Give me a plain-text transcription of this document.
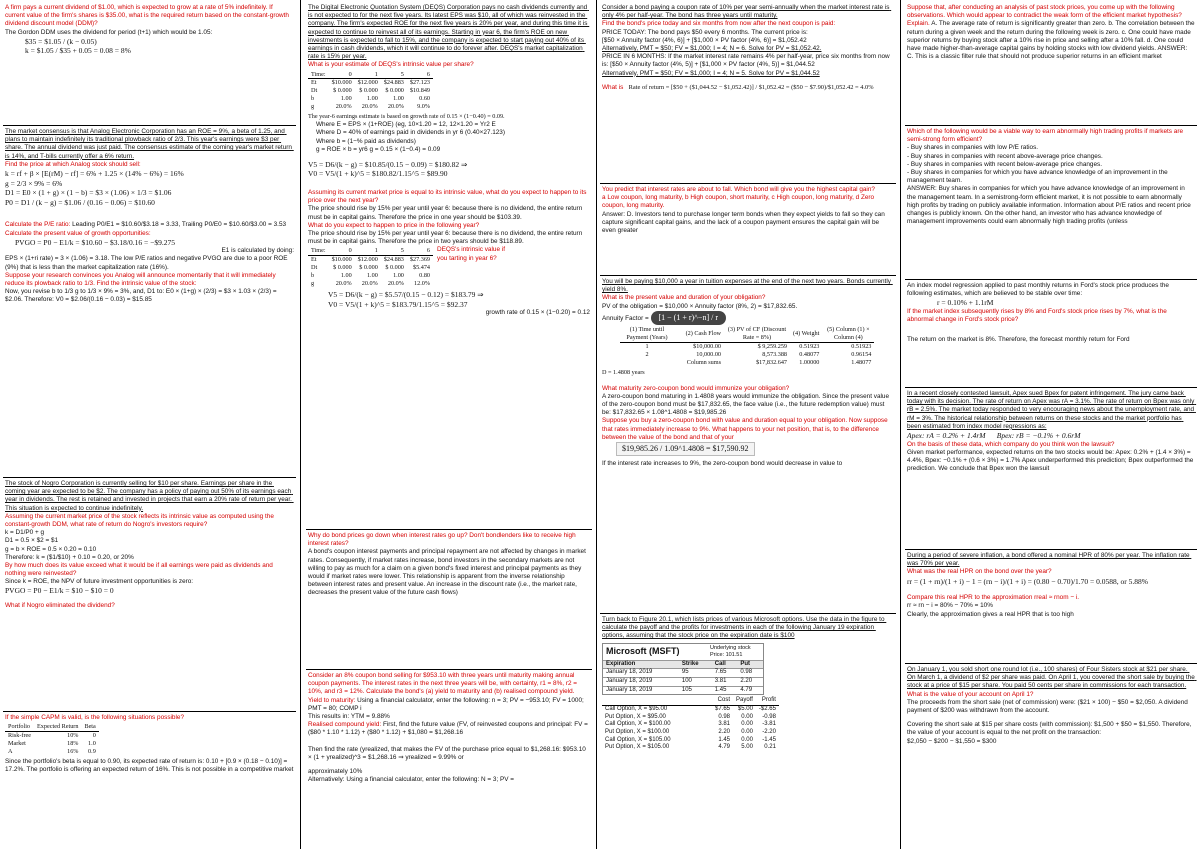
A firm pays a current dividend of $1.00, which is expected to grow at a rate of 5% indefinitely. If current value of the firm's shares is $35.00, what is the required return based on the constant-growth dividend discount model (DDM)?

The Gordon DDM uses the dividend for period (t+1) which would be 1.05:

$35 = $1.05 / (k − 0.05)

k = $1.05 / $35 + 0.05 = 0.08 = 8%

The market consensus is that Analog Electronic Corporation has an ROE = 9%, a beta of 1.25, and plans to maintain indefinitely its traditional plowback ratio of 2/3. This year's earnings were $3 per share. The annual dividend was just paid. The consensus estimate of the coming year's market return is 14%, and T-bills currently offer a 6% return.

Find the price at which Analog stock should sell:

k = rf + β × [E(rM) − rf] = 6% + 1.25 × (14% − 6%) = 16%

g = 2/3 × 9% = 6%

D1 = E0 × (1 + g) × (1 − b) = $3 × (1.06) × 1/3 = $1.06

P0 = D1 / (k − g) = $1.06 / (0.16 − 0.06) = $10.60

Calculate the P/E ratio: Leading P0/E1 = $10.60/$3.18 = 3.33, Trailing P0/E0 = $10.60/$3.00 = 3.53

Calculate the present value of growth opportunities:

PVGO = P0 − E1/k = $10.60 − $3.18/0.16 = −$9.275

E1 is calculated by doing:

EPS × (1+ri rate) = 3 × (1.06) = 3.18. The low P/E ratios and negative PVGO are due to a poor ROE (9%) that is less than the market capitalization rate (16%).

Suppose your research convinces you Analog will announce momentarily that it will immediately reduce its plowback ratio to 1/3. Find the intrinsic value of the stock:

Now, you revise b to 1/3 g to 1/3 × 9% = 3%, and, D1 to: E0 × (1+g) × (2/3) = $3 × 1.03 × (2/3) = $2.06. Therefore: V0 = $2.06/(0.16 − 0.03) = $15.85

The stock of Nogro Corporation is currently selling for $10 per share. Earnings per share in the coming year are expected to be $2. The company has a policy of paying out 50% of its earnings each year in dividends. The rest is retained and invested in projects that earn a 20% rate of return per year. This situation is expected to continue indefinitely.

Assuming the current market price of the stock reflects its intrinsic value as computed using the constant-growth DDM, what rate of return do Nogro's investors require?

k = D1/P0 + g

D1 = 0.5 × $2 = $1

g = b × ROE = 0.5 × 0.20 = 0.10

Therefore: k = ($1/$10) + 0.10 = 0.20, or 20%

By how much does its value exceed what it would be if all earnings were paid as dividends and nothing were reinvested?

Since k = ROE, the NPV of future investment opportunities is zero:

PVGO = P0 − E1/k = $10 − $10 = 0

What if Nogro eliminated the dividend?

If the simple CAPM is valid, is the following situations possible?

Portfolio	Expected Return	Beta
Risk-free	10%	0
Market	18%	1.0
A	16%	0.9

Since the portfolio's beta is equal to 0.90, its expected rate of return is: 0.10 + [0.9 × (0.18 − 0.10)] = 17.2%. The portfolio is offering an expected return of 16%. This is not possible in a competitive market

The Digital Electronic Quotation System (DEQS) Corporation pays no cash dividends currently and is not expected to for the next five years. Its latest EPS was $10, all of which was reinvested in the company. The firm's expected ROE for the next five years is 20% per year, and during this time it is expected to continue to reinvest all of its earnings. Starting in year 6, the firm's ROE on new investments is expected to fall to 15%, and the company is expected to start paying out 40% of its earnings in cash dividends, which it will continue to do forever after. DEQS's market capitalization rate is 15% per year.

What is your estimate of DEQS's intrinsic value per share?

Time:	0	1	5	6
Et	$10.000	$12.000	$24.883	$27.123
Dt	$ 0.000	$ 0.000	$ 0.000	$10.849
b	1.00	1.00	1.00	0.60
g	20.0%	20.0%	20.0%	9.0%

The year-6 earnings estimate is based on growth rate of 0.15 × (1−0.40) = 0.09.

Where E = EPS × (1+ROE) (eg, 10×1.20 = 12, 12×1.20 = Yr2 E

Where D = 40% of earnings paid in dividends in yr 6 (0.40×27.123)

Where b = (1−% paid as dividends)

g = ROE × b = yr6 g = 0.15 × (1−0.4) = 0.09

V5 = D6/(k − g) = $10.85/(0.15 − 0.09) = $180.82 ⇒

V0 = V5/(1 + k)^5 = $180.82/1.15^5 = $89.90

Assuming its current market price is equal to its intrinsic value, what do you expect to happen to its price over the next year?

The price should rise by 15% per year until year 6: because there is no dividend, the entire return must be in capital gains. Therefore the price in one year should be $103.39.

What do you expect to happen to price in the following year?

The price should rise by 15% per year until year 6: because there is no dividend, the entire return must be in capital gains. Therefore the price in two years should be $118.89.

Time:	0	1	5	6
Et	$10.000	$12.000	$24.883	$27.369
Dt	$ 0.000	$ 0.000	$ 0.000	$5.474
b	1.00	1.00	1.00	0.80
g	20.0%	20.0%	20.0%	12.0%

DEQS's intrinsic value if you tarting in year 6?

V5 = D6/(k − g) = $5.57/(0.15 − 0.12) = $183.79 ⇒

V0 = V5/(1 + k)^5 = $183.79/1.15^5 = $92.37

growth rate of 0.15 × (1−0.20) = 0.12

Why do bond prices go down when interest rates go up? Don't bondlenders like to receive high interest rates?

A bond's coupon interest payments and principal repayment are not affected by changes in market rates. Consequently, if market rates increase, bond investors in the secondary markets are not willing to pay as much for a claim on a given bond's fixed interest and principal payments as they would if market rates were lower. This relationship is apparent from the inverse relationship between interest rates and present value. An increase in the discount rate (i.e., the market rate, decreases the present value of the future cash flows)

Consider an 8% coupon bond selling for $953.10 with three years until maturity making annual coupon payments. The interest rates in the next three years will be, with certainty, r1 = 8%, r2 = 10%, and r3 = 12%. Calculate the bond's (a) yield to maturity and (b) realised compound yield.

Yield to maturity: Using a financial calculator, enter the following: n = 3; PV = −953.10; FV = 1000; PMT = 80; COMP i

This results in: YTM = 9.88%

Realised compound yield: First, find the future value (FV, of reinvested coupons and principal: FV = ($80 * 1.10 * 1.12) + ($80 * 1.12) + $1,080 = $1,268.16

Then find the rate (yrealized, that makes the FV of the purchase price equal to $1,268.16: $953.10 × (1 + yrealized)^3 = $1,268.16 ⇒ yrealized = 9.99% or

approximately 10%

Alternatively: Using a financial calculator, enter the following: N = 3; PV =

Consider a bond paying a coupon rate of 10% per year semi-annually when the market interest rate is only 4% per half-year. The bond has three years until maturity.

Find the bond's price today and six months from now after the next coupon is paid:

PRICE TODAY: The bond pays $50 every 6 months. The current price is:

[$50 × Annuity factor (4%, 6)] + [$1,000 × PV factor (4%, 6)] = $1,052.42

Alternatively, PMT = $50; FV = $1,000; I = 4; N = 6. Solve for PV = $1,052.42.

PRICE IN 6 MONTHS: If the market interest rate remains 4% per half-year, price six months from now is: [$50 × Annuity factor (4%, 5)] + [$1,000 × PV factor (4%, 5)] = $1,044.52

Alternatively, PMT = $50; FV = $1,000; I = 4; N = 5. Solve for PV = $1,044.52

What is Rate of return = [$50 + ($1,044.52 − $1,052.42)] / $1,052.42 = ($50 − $7.90)/$1,052.42 = 4.0%

You predict that interest rates are about to fall. Which bond will give you the highest capital gain?

a Low coupon, long maturity, b High coupon, short maturity, c High coupon, long maturity, d Zero coupon, long maturity.

Answer: D. Investors tend to purchase longer term bonds when they expect yields to fall so they can capture significant capital gains, and the lack of a coupon payment ensures the capital gain will be even greater

You will be paying $10,000 a year in tuition expenses at the end of the next two years. Bonds currently yield 8%.

What is the present value and duration of your obligation?

PV of the obligation = $10,000 × Annuity factor (8%, 2) = $17,832.65.

Annuity Factor = [1 − (1 + r)^−n] / r

(1) Time until Payment (Years)	(2) Cash Flow	(3) PV of CF (Discount Rate = 8%)	(4) Weight	(5) Column (1) × Column (4)
1	$10,000.00	$ 9,259.259	0.51923	0.51923
2	10,000.00	8,573.388	0.48077	0.96154
	Column sums	$17,832.647	1.00000	1.48077

D = 1.4808 years

What maturity zero-coupon bond would immunize your obligation?

A zero-coupon bond maturing in 1.4808 years would immunize the obligation. Since the present value of the zero-coupon bond must be $17,832.65, the face value (i.e., the future redemption value) must be: $17,832.65 × 1.08^1.4808 = $19,985.26

Suppose you buy a zero-coupon bond with value and duration equal to your obligation. Now suppose that rates immediately increase to 9%. What happens to your net position, that is, to the difference between the value of the bond and that of your

$19,985.26 / 1.09^1.4808 = $17,590.92

If the interest rate increases to 9%, the zero-coupon bond would decrease in value to

Turn back to Figure 20.1, which lists prices of various Microsoft options. Use the data in the figure to calculate the payoff and the profits for investments in each of the following January 19 expiration options, assuming that the stock price on the expiration date is $100

Microsoft (MSFT)	Underlying stock Price: 101.51
Expiration	Strike	Call	Put
January 18, 2019	95	7.65	0.98
January 18, 2019	100	3.81	2.20
January 18, 2019	105	1.45	4.79
	Cost	Payoff	Profit
Call Option, X = $95.00	$7.65	$5.00	-$2.65
Put Option, X = $95.00	0.98	0.00	-0.98
Call Option, X = $100.00	3.81	0.00	-3.81
Put Option, X = $100.00	2.20	0.00	-2.20
Call Option, X = $105.00	1.45	0.00	-1.45
Put Option, X = $105.00	4.79	5.00	0.21

Suppose that, after conducting an analysis of past stock prices, you come up with the following observations. Which would appear to contradict the weak form of the efficient market hypothesis? Explain. A. The average rate of return is significantly greater than zero. b. The correlation between the return during a given week and the return during the following week is zero. c. One could have made superior returns by buying stock after a 10% rise in price and selling after a 10% fall. d. One could have made higher-than-average capital gains by holding stocks with low dividend yields. ANSWER: C. This is a classic filter rule that should not produce superior returns in an efficient market

Which of the following would be a viable way to earn abnormally high trading profits if markets are semi-strong form efficient?

- Buy shares in companies with low P/E ratios.

- Buy shares in companies with recent above-average price changes.

- Buy shares in companies with recent below-average price changes.

- Buy shares in companies for which you have advance knowledge of an improvement in the management team.

ANSWER: Buy shares in companies for which you have advance knowledge of an improvement in the management team. In a semistrong-form efficient market, it is not possible to earn abnormally high profits by trading on publicly available information. Information about P/E ratios and recent price changes is publicly known. On the other hand, an investor who has advance knowledge of management improvements could earn abnormally high trading profits (unless

An index model regression applied to past monthly returns in Ford's stock price produces the following estimates, which are believed to be stable over time:

r = 0.10% + 1.1rM

If the market index subsequently rises by 8% and Ford's stock price rises by 7%, what is the abnormal change in Ford's stock price?

The return on the market is 8%. Therefore, the forecast monthly return for Ford

In a recent closely contested lawsuit, Apex sued Bpex for patent infringement. The jury came back today with its decision. The rate of return on Apex was rA = 3.1%. The rate of return on Bpex was only rB = 2.5%. The market today responded to very encouraging news about the unemployment rate, and rM = 3%. The historical relationship between returns on these stocks and the market portfolio has been estimated from index model regressions as:

Apex: rA = 0.2% + 1.4rM      Bpex: rB = −0.1% + 0.6rM

On the basis of these data, which company do you think won the lawsuit?

Given market performance, expected returns on the two stocks would be: Apex: 0.2% + (1.4 × 3%) = 4.4%, Bpex: −0.1% + (0.6 × 3%) = 1.7% Apex underperformed this prediction; Bpex outperformed the prediction. We conclude that Bpex won the lawsuit

During a period of severe inflation, a bond offered a nominal HPR of 80% per year. The inflation rate was 70% per year.

What was the real HPR on the bond over the year?

rr = (1 + rn)/(1 + i) − 1 = (rn − i)/(1 + i) = (0.80 − 0.70)/1.70 = 0.0588, or 5.88%

Compare this real HPR to the approximation rreal ≈ rnom − i.

rr ≈ rn − i = 80% − 70% = 10%

Clearly, the approximation gives a real HPR that is too high

On January 1, you sold short one round lot (i.e., 100 shares) of Four Sisters stock at $21 per share. On March 1, a dividend of $2 per share was paid. On April 1, you covered the short sale by buying the stock at a price of $15 per share. You paid 50 cents per share in commissions for each transaction.

What is the value of your account on April 1?

The proceeds from the short sale (net of commission) were: ($21 × 100) − $50 = $2,050. A dividend payment of $200 was withdrawn from the account.

Covering the short sale at $15 per share costs (with commission): $1,500 + $50 = $1,550. Therefore, the value of your account is equal to the net profit on the transaction:

$2,050 − $200 − $1,550 = $300
